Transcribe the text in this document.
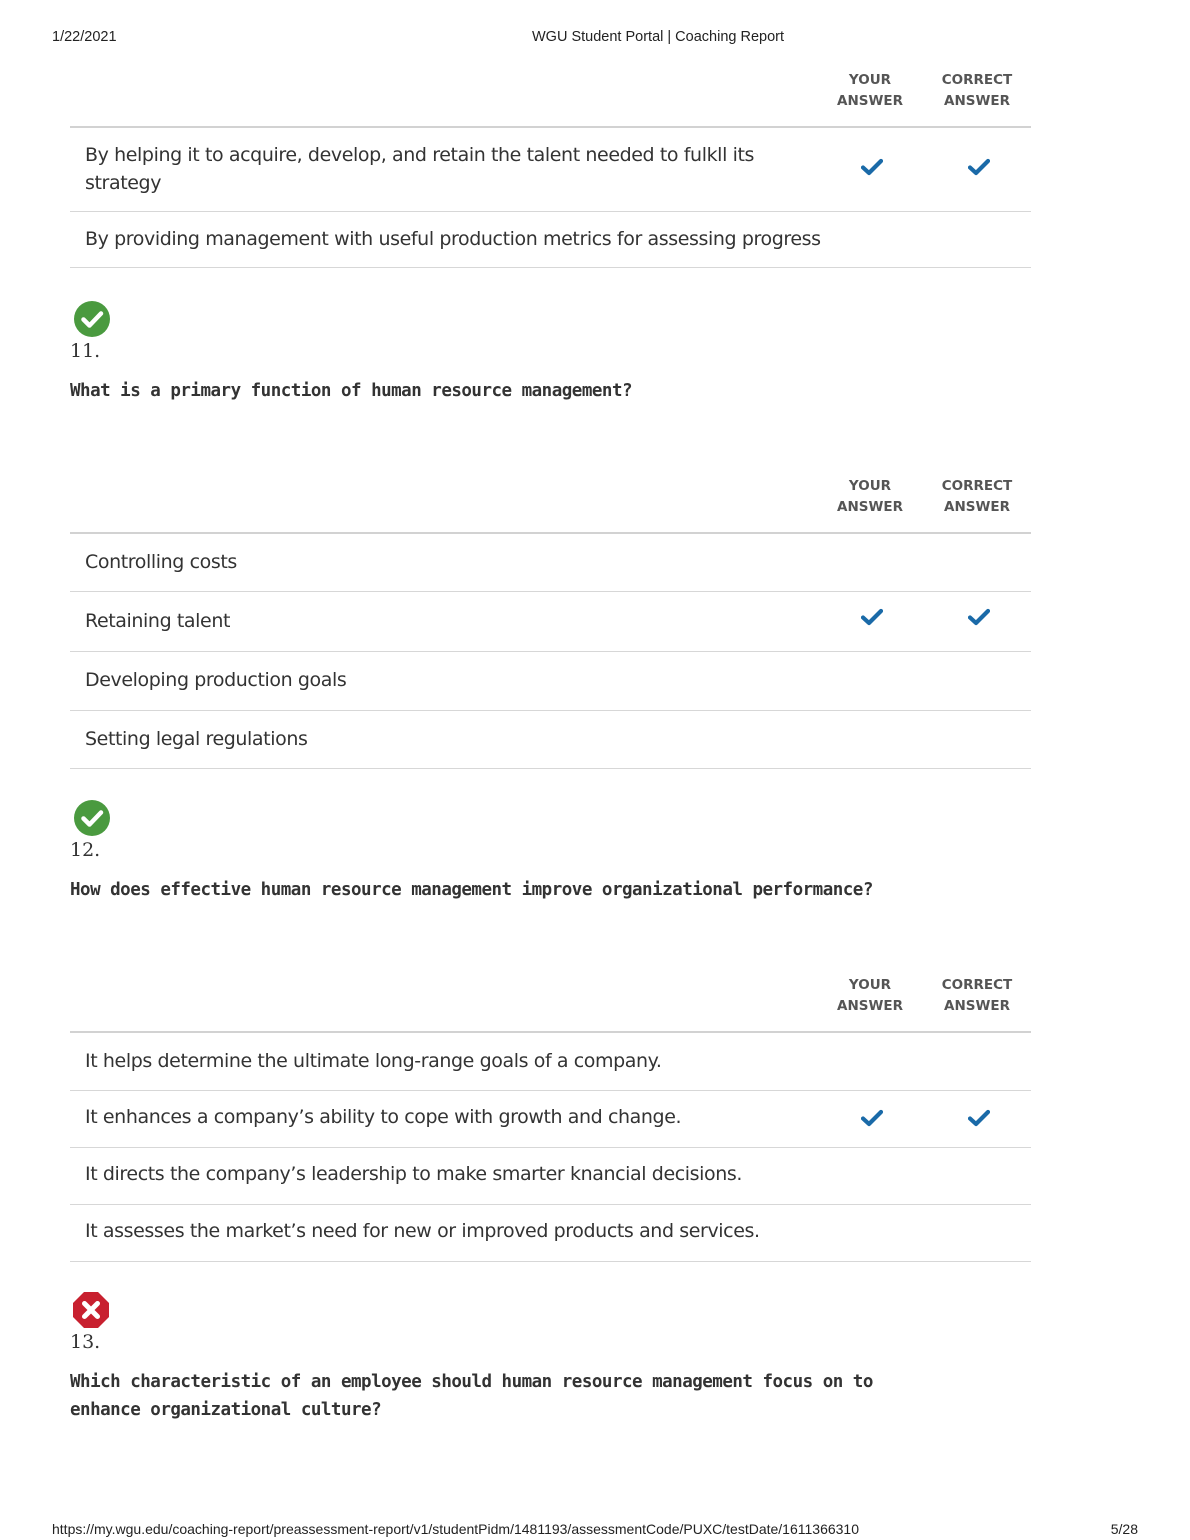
1/22/2021	WGU Student Portal | Coaching Report
YOUR
ANSWER
CORRECT
ANSWER
By helping it to acquire, develop, and retain the talent needed to fulkll its strategy
By providing management with useful production metrics for assessing progress
11.
What is a primary function of human resource management?
YOUR
ANSWER
CORRECT
ANSWER
Controlling costs
Retaining talent
Developing production goals
Setting legal regulations
12.
How does effective human resource management improve organizational performance?
YOUR
ANSWER
CORRECT
ANSWER
It helps determine the ultimate long-range goals of a company.
It enhances a company’s ability to cope with growth and change.
It directs the company’s leadership to make smarter knancial decisions.
It assesses the market’s need for new or improved products and services.
13.
Which characteristic of an employee should human resource management focus on to enhance organizational culture?
https://my.wgu.edu/coaching-report/preassessment-report/v1/studentPidm/1481193/assessmentCode/PUXC/testDate/1611366310	5/28
